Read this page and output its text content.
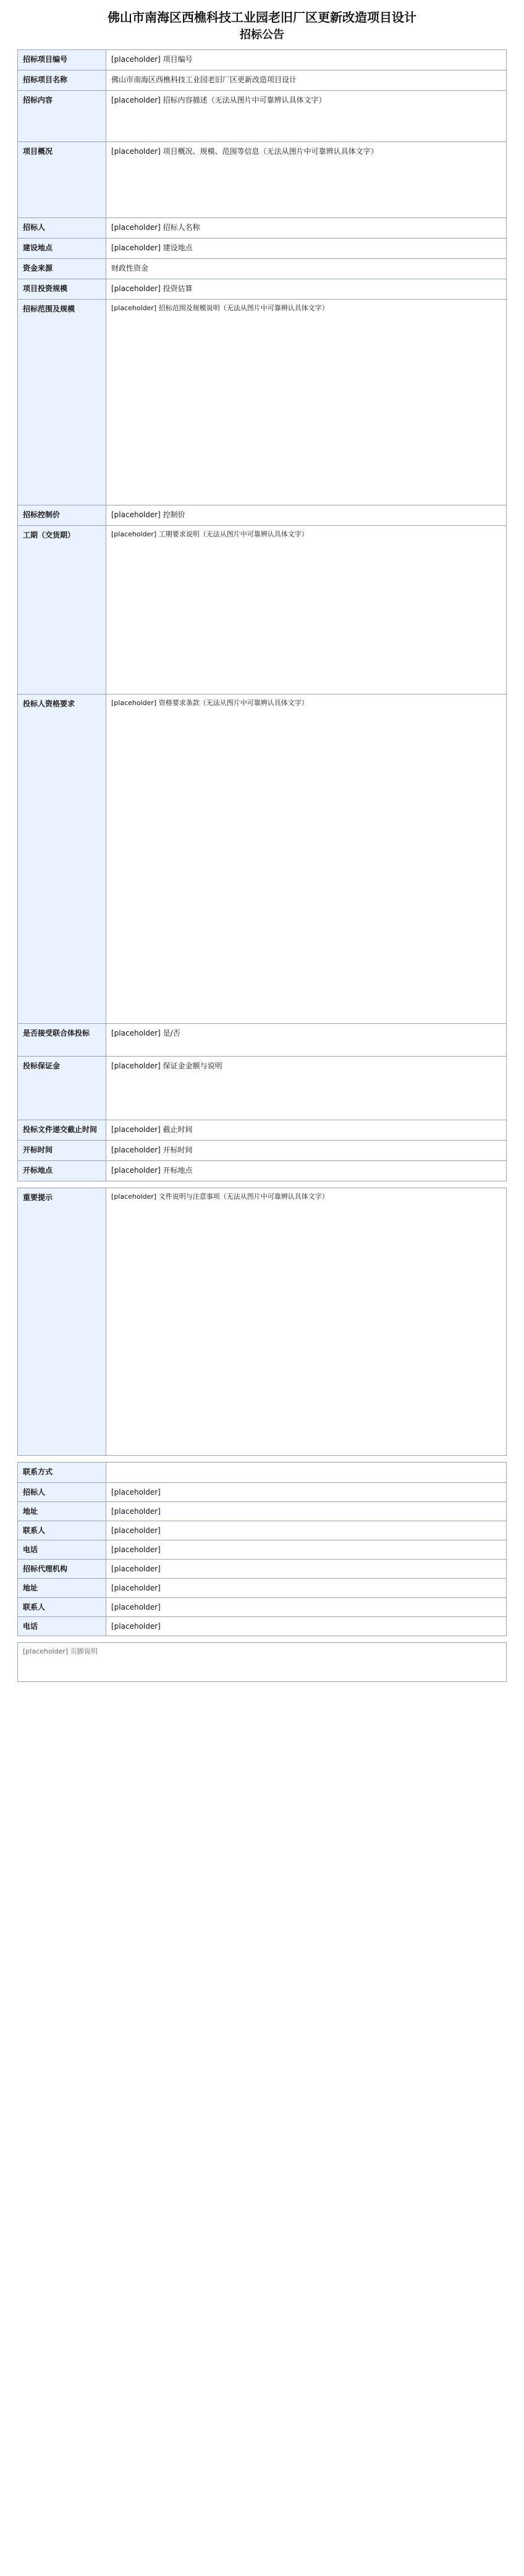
佛山市南海区西樵科技工业园老旧厂区更新改造项目设计
招标公告
招标项目编号	[placeholder] 项目编号
招标项目名称	佛山市南海区西樵科技工业园老旧厂区更新改造项目设计
招标内容	[placeholder] 招标内容描述（无法从图片中可靠辨认具体文字）
项目概况	[placeholder] 项目概况、规模、范围等信息（无法从图片中可靠辨认具体文字）
招标人	[placeholder] 招标人名称
建设地点	[placeholder] 建设地点
资金来源	财政性资金
项目投资规模	[placeholder] 投资估算
招标范围及规模	[placeholder] 招标范围及规模说明（无法从图片中可靠辨认具体文字）
招标控制价	[placeholder] 控制价
工期（交货期）	[placeholder] 工期要求说明（无法从图片中可靠辨认具体文字）
投标人资格要求	[placeholder] 资格要求条款（无法从图片中可靠辨认具体文字）
是否接受联合体投标	[placeholder] 是/否
投标保证金	[placeholder] 保证金金额与说明
投标文件递交截止时间	[placeholder] 截止时间
开标时间	[placeholder] 开标时间
开标地点	[placeholder] 开标地点
重要提示	[placeholder] 文件说明与注意事项（无法从图片中可靠辨认具体文字）
联系方式	
招标人	[placeholder]
地址	[placeholder]
联系人	[placeholder]
电话	[placeholder]
招标代理机构	[placeholder]
地址	[placeholder]
联系人	[placeholder]
电话	[placeholder]
[placeholder] 页脚说明
